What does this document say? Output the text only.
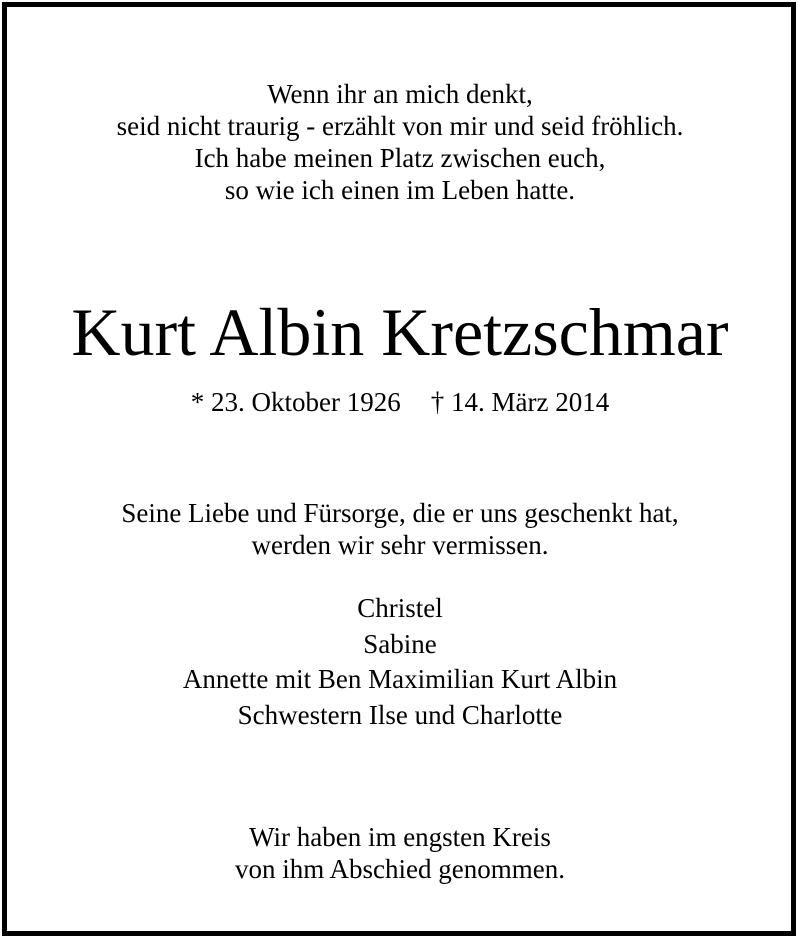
Wenn ihr an mich denkt,
seid nicht traurig - erzählt von mir und seid fröhlich.
Ich habe meinen Platz zwischen euch,
so wie ich einen im Leben hatte.
Kurt Albin Kretzschmar
* 23. Oktober 1926 † 14. März 2014
Seine Liebe und Fürsorge, die er uns geschenkt hat,
werden wir sehr vermissen.
Christel
Sabine
Annette mit Ben Maximilian Kurt Albin
Schwestern Ilse und Charlotte
Wir haben im engsten Kreis
von ihm Abschied genommen.
